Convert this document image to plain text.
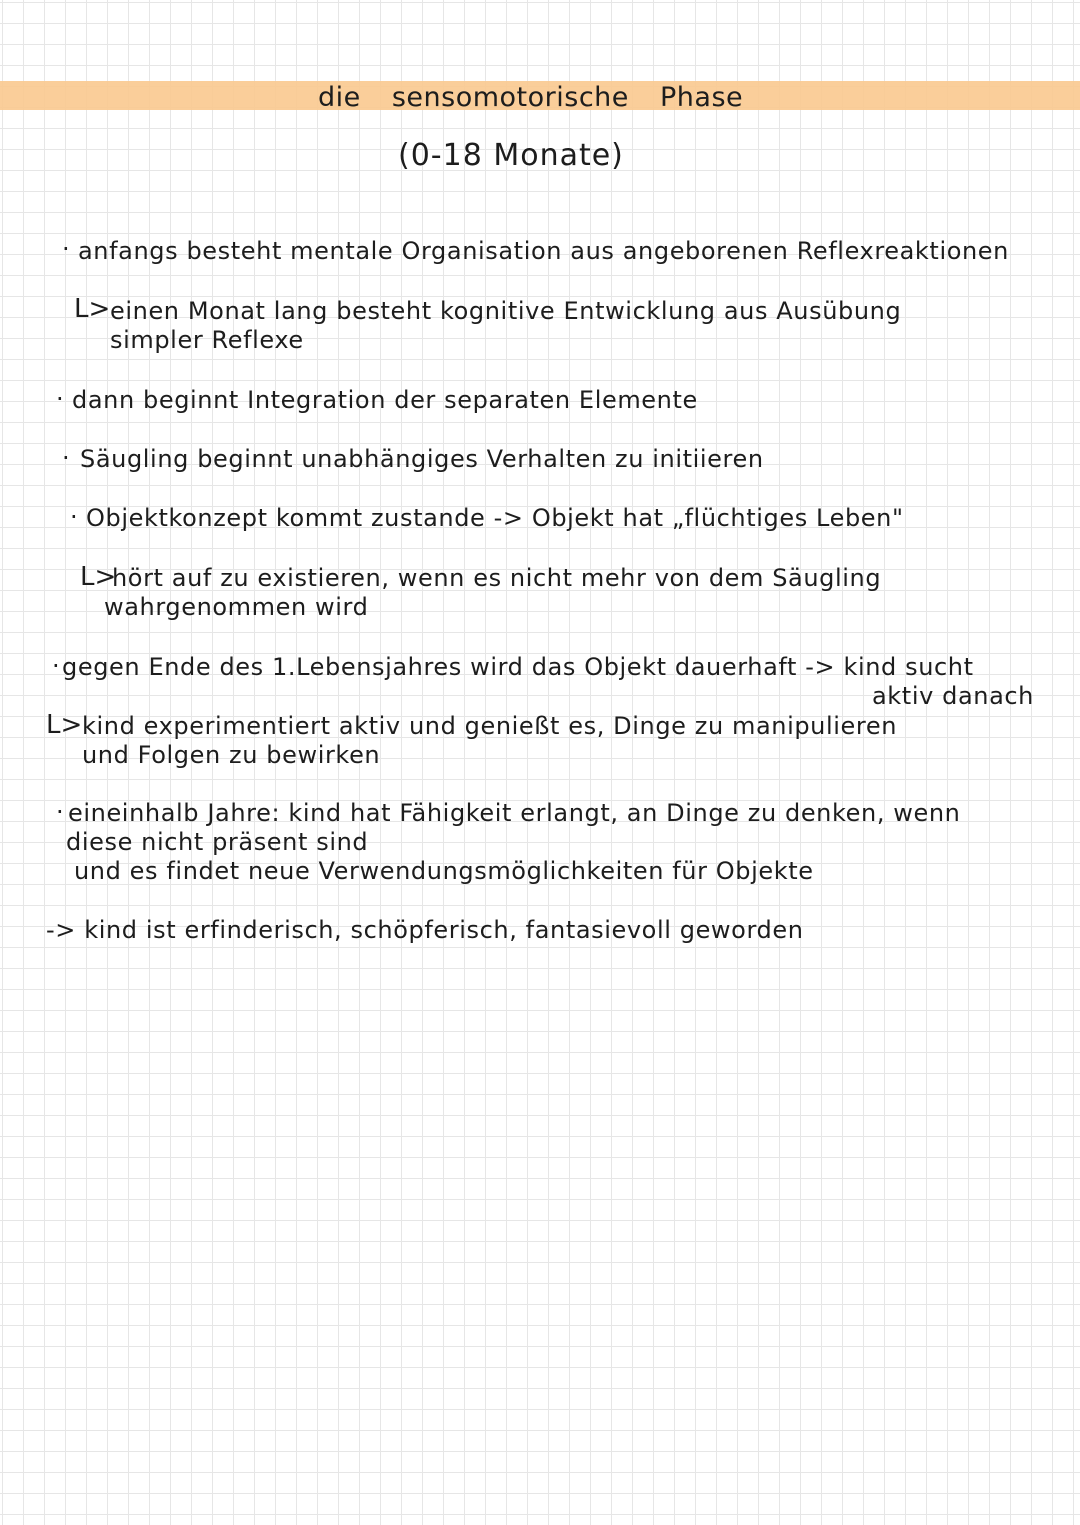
die sensomotorische Phase
(0-18 Monate)
· anfangs besteht mentale Organisation aus angeborenen Reflexreaktionen
L> einen Monat lang besteht kognitive Entwicklung aus Ausübung
simpler Reflexe
· dann beginnt Integration der separaten Elemente
· Säugling beginnt unabhängiges Verhalten zu initiieren
· Objektkonzept kommt zustande -> Objekt hat „flüchtiges Leben"
L>
hört auf zu existieren, wenn es nicht mehr von dem Säugling
wahrgenommen wird
· gegen Ende des 1.Lebensjahres wird das Objekt dauerhaft -> kind sucht
aktiv danach
L> kind experimentiert aktiv und genießt es, Dinge zu manipulieren
und Folgen zu bewirken
· eineinhalb Jahre: kind hat Fähigkeit erlangt, an Dinge zu denken, wenn
diese nicht präsent sind
und es findet neue Verwendungsmöglichkeiten für Objekte
-> kind ist erfinderisch, schöpferisch, fantasievoll geworden
